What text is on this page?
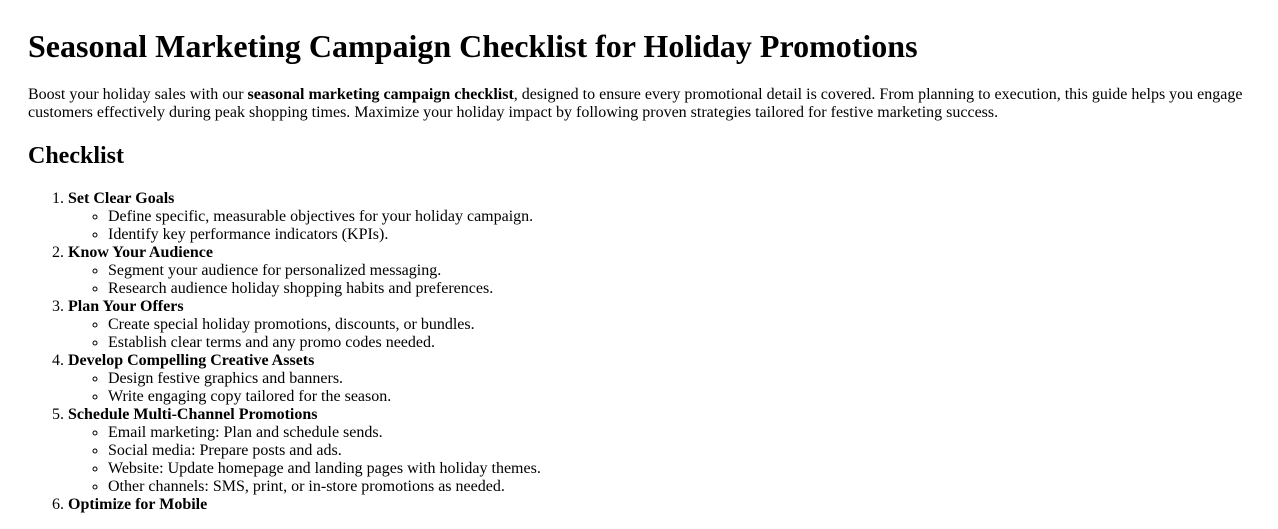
Seasonal Marketing Campaign Checklist for Holiday Promotions

Boost your holiday sales with our seasonal marketing campaign checklist, designed to ensure every promotional detail is covered. From planning to execution, this guide helps you engage customers effectively during peak shopping times. Maximize your holiday impact by following proven strategies tailored for festive marketing success.

Checklist
1. Set Clear Goals
◦ Define specific, measurable objectives for your holiday campaign.
◦ Identify key performance indicators (KPIs).
2. Know Your Audience
◦ Segment your audience for personalized messaging.
◦ Research audience holiday shopping habits and preferences.
3. Plan Your Offers
◦ Create special holiday promotions, discounts, or bundles.
◦ Establish clear terms and any promo codes needed.
4. Develop Compelling Creative Assets
◦ Design festive graphics and banners.
◦ Write engaging copy tailored for the season.
5. Schedule Multi-Channel Promotions
◦ Email marketing: Plan and schedule sends.
◦ Social media: Prepare posts and ads.
◦ Website: Update homepage and landing pages with holiday themes.
◦ Other channels: SMS, print, or in-store promotions as needed.
6. Optimize for Mobile
